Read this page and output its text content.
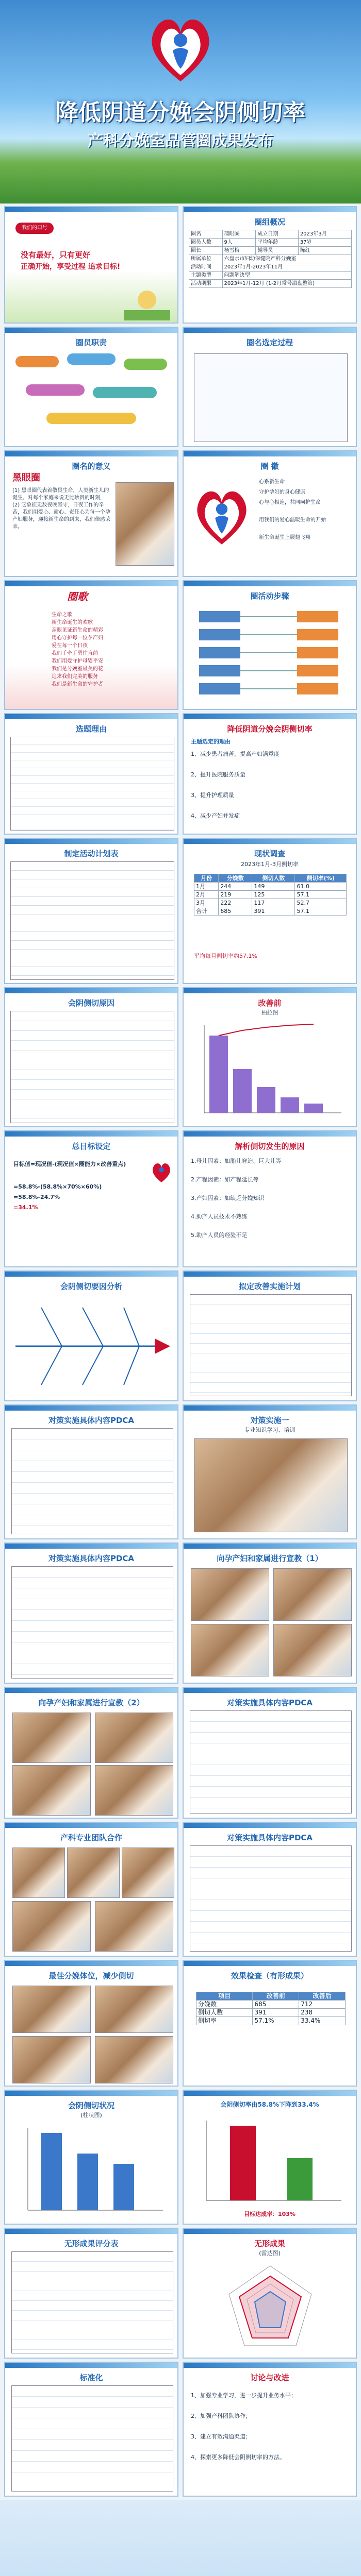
降低阴道分娩会阴侧切率
产科分娩室品管圈成果发布
我们的口号
没有最好，只有更好
正确开始，享受过程 追求目标!
圈组概况
圈名	蒲眼圈	成立日期	2023年3月
圈员人数	9人	平均年龄	37岁
圈长	杨雪梅	辅导员	陈红
所属单位	六盘水市妇幼保健院产科分娩室		
活动时间	2023年1月-2023年11月		
主题类型	问题解决型		
活动期限	2023年1月-12月 (1-2月常号溢盘整管)		
圈员职责

	圈名选定过程
圈名的意义
黑眼圈
(1) 黑眼圈代表着敬畏生命，人类新生儿的诞生，对每个家庭来说无比珍贵的时刻，(2) 它象征无数夜晚坚守，日夜工作的辛苦，我们用爱心、耐心、责任心为每一个孕产妇服务，迎接新生命的到来，我们倍感荣幸。
圈 徽
心系新生命
守护孕妇的身心健康
心与心相连，共同呵护生命
用我们的爱心温暖生命的开始
新生命诞生上展翅飞翔
圈歌
生命之歌
新生命诞生的欢歌
亲眼见证新生命的精彩
用心守护每一位孕产妇
爱在每一个日夜
我们手牵手勇往直前
我们用爱守护母婴平安
我们是分娩室最美的花
追求我们完美的服务
我们是新生命的守护者
圈活动步骤
选题理由	降低阴道分娩会阴侧切率
主题选定的理由
1、减少患者痛苦，提高产妇满意度
2、提升医院服务质量
3、提升护理质量
4、减少产妇并发症
制定活动计划表	现状调查
2023年1月-3月侧切率
月份	分娩数	侧切人数	侧切率(%)
1月	244	149	61.0
2月	219	125	57.1
3月	222	117	52.7
合计	685	391	57.1
平均每月侧切率约57.1%
会阴侧切原因	改善前
柏拉图
总目标设定
目标值=现况值-(现况值×圈能力×改善重点)
=58.8%-(58.8%×70%×60%)
=58.8%-24.7%
=34.1%
解析侧切发生的原因
1.母儿因素：如胎儿窘迫、巨大儿等
2.产程因素：如产程延长等
3.产妇因素：如缺乏分娩知识
4.助产人员技术不熟练
5.助产人员的经验不足
会阴侧切要因分析	拟定改善实施计划
对策实施具体内容PDCA	对策实施一
专业知识学习、培训
对策实施具体内容PDCA	向孕产妇和家属进行宣教（1）
向孕产妇和家属进行宣教（2）	对策实施具体内容PDCA
产科专业团队合作	对策实施具体内容PDCA
最佳分娩体位，减少侧切	效果检查（有形成果）
项目	改善前	改善后
分娩数	685	712
侧切人数	391	238
侧切率	57.1%	33.4%
会阴侧切状况
(柱状图)
会阴侧切率由58.8%下降到33.4%
目标达成率：103%
无形成果评分表	无形成果
(雷达图)
标准化	讨论与改进
1、加强专业学习，进一步提升业务水平；
2、加强产科团队协作；
3、建立有效沟通渠道；
4、探索更多降低会阴侧切率的方法。
